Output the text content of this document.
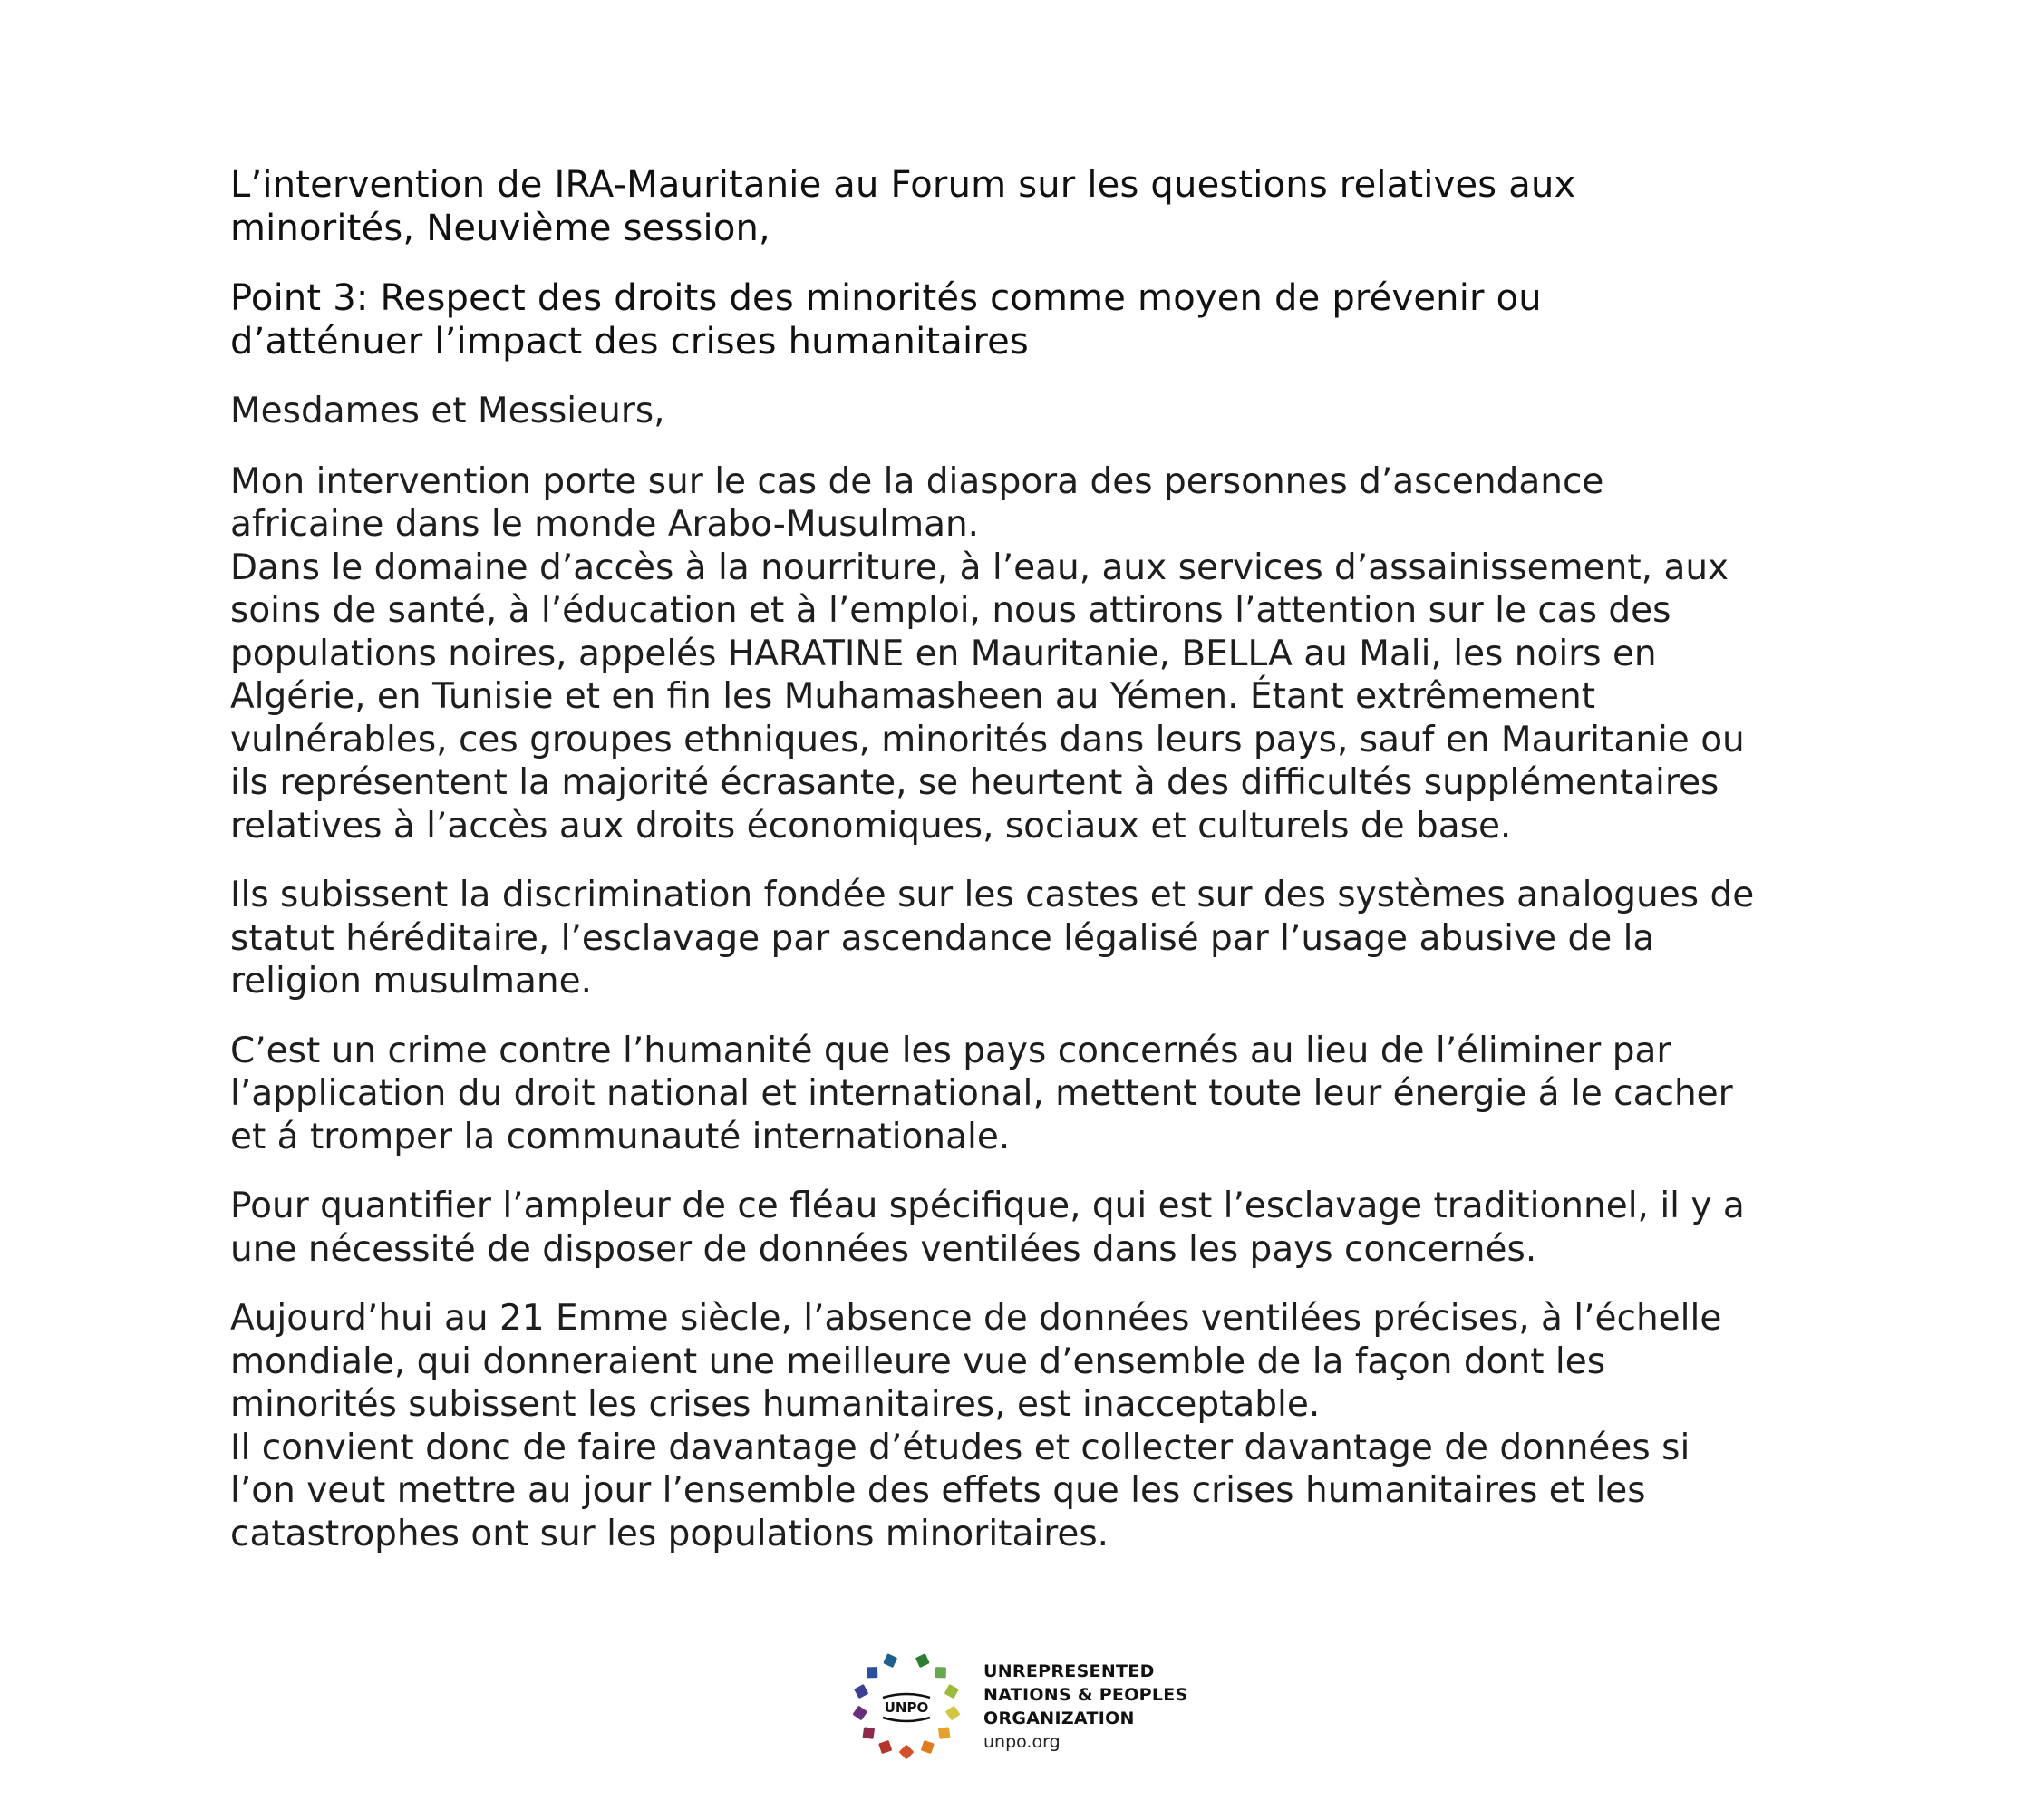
L’intervention de IRA-Mauritanie au Forum sur les questions relatives aux
minorités, Neuvième session,
Point 3: Respect des droits des minorités comme moyen de prévenir ou
d’atténuer l’impact des crises humanitaires
Mesdames et Messieurs,
Mon intervention porte sur le cas de la diaspora des personnes d’ascendance
africaine dans le monde Arabo-Musulman.
Dans le domaine d’accès à la nourriture, à l’eau, aux services d’assainissement, aux
soins de santé, à l’éducation et à l’emploi, nous attirons l’attention sur le cas des
populations noires, appelés HARATINE en Mauritanie, BELLA au Mali, les noirs en
Algérie, en Tunisie et en fin les Muhamasheen au Yémen. Étant extrêmement
vulnérables, ces groupes ethniques, minorités dans leurs pays, sauf en Mauritanie ou
ils représentent la majorité écrasante, se heurtent à des difficultés supplémentaires
relatives à l’accès aux droits économiques, sociaux et culturels de base.
Ils subissent la discrimination fondée sur les castes et sur des systèmes analogues de
statut héréditaire, l’esclavage par ascendance légalisé par l’usage abusive de la
religion musulmane.
C’est un crime contre l’humanité que les pays concernés au lieu de l’éliminer par
l’application du droit national et international, mettent toute leur énergie á le cacher
et á tromper la communauté internationale.
Pour quantifier l’ampleur de ce fléau spécifique, qui est l’esclavage traditionnel, il y a
une nécessité de disposer de données ventilées dans les pays concernés.
Aujourd’hui au 21 Emme siècle, l’absence de données ventilées précises, à l’échelle
mondiale, qui donneraient une meilleure vue d’ensemble de la façon dont les
minorités subissent les crises humanitaires, est inacceptable.
Il convient donc de faire davantage d’études et collecter davantage de données si
l’on veut mettre au jour l’ensemble des effets que les crises humanitaires et les
catastrophes ont sur les populations minoritaires.
UNPO
UNREPRESENTED
NATIONS & PEOPLES
ORGANIZATION
unpo.org
